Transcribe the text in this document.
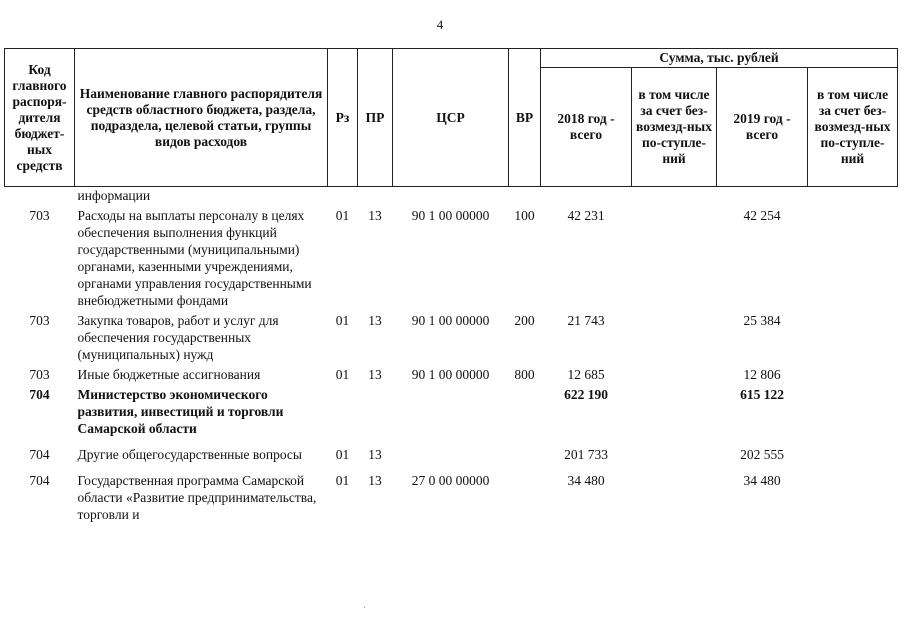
4
Код главного распоря-дителя бюджет-ных средств	Наименование главного распорядителя средств областного бюджета, раздела, подраздела, целевой статьи, группы видов расходов	Рз	ПР	ЦСР	ВР	Сумма, тыс. рублей			
						2018 год - всего	в том числе за счет без-возмезд-ных по-ступле-ний	2019 год - всего	в том числе за счет без-возмезд-ных по-ступле-ний
	информации								
703	Расходы на выплаты персоналу в целях обеспечения выполнения функций государственными (муниципальными) органами, казенными учреждениями, органами управления государственными внебюджетными фондами	01	13	90 1 00 00000	100	42 231		42 254	
703	Закупка товаров, работ и услуг для обеспечения государственных (муниципальных) нужд	01	13	90 1 00 00000	200	21 743		25 384	
703	Иные бюджетные ассигнования	01	13	90 1 00 00000	800	12 685		12 806	
704	Министерство экономического развития, инвестиций и торговли Самарской области					622 190		615 122	
704	Другие общегосударственные вопросы	01	13			201 733		202 555	
704	Государственная программа Самарской области «Развитие предпринимательства, торговли и	01	13	27 0 00 00000		34 480		34 480	
·
